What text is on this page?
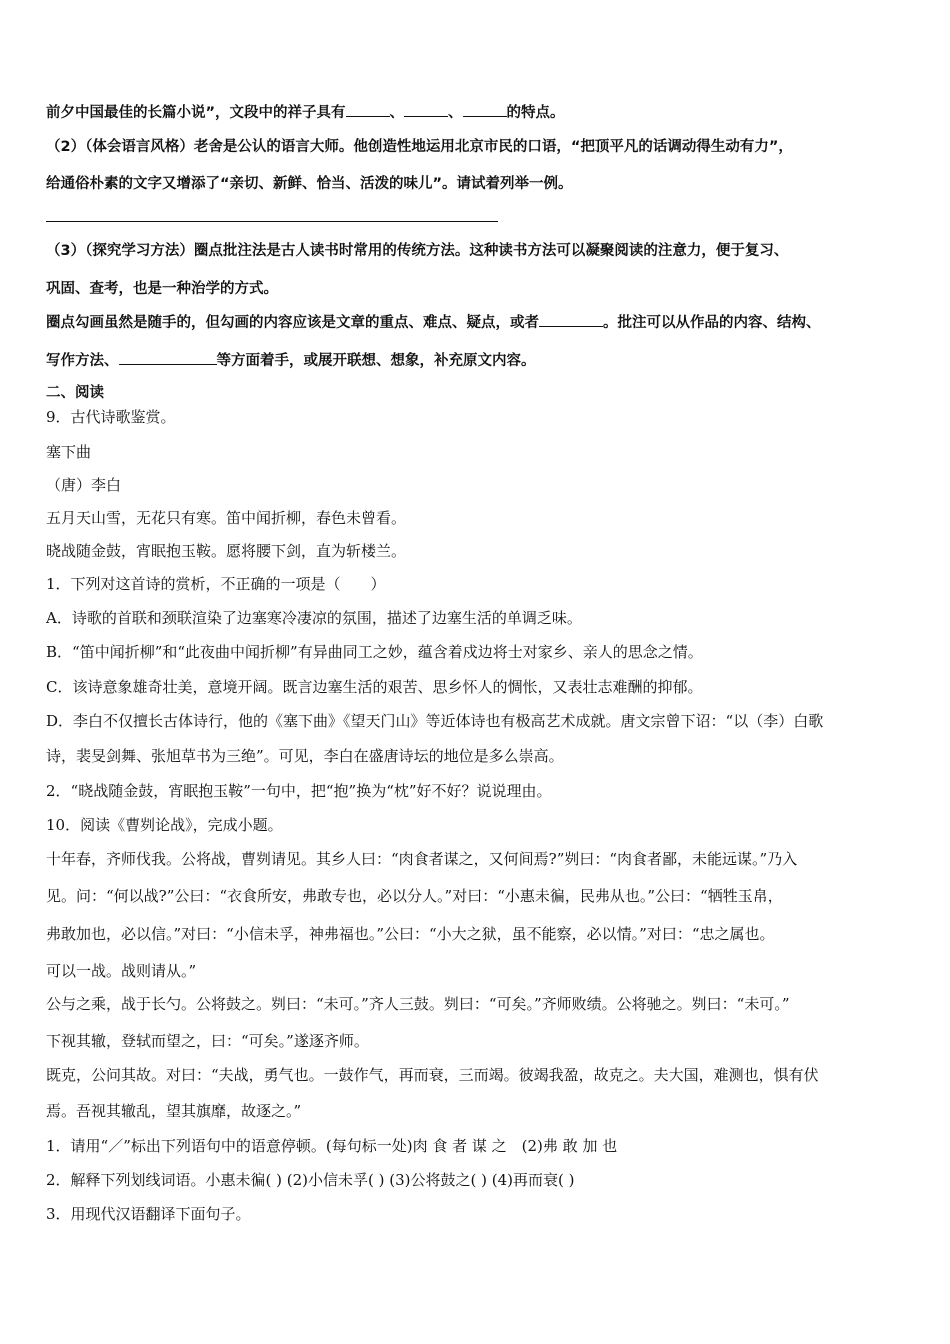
前夕中国最佳的长篇小说”，文段中的祥子具有	、	、	的特点。
（2）（体会语言风格）老舍是公认的语言大师。他创造性地运用北京市民的口语，“把顶平凡的话调动得生动有力”，
给通俗朴素的文字又增添了“亲切、新鲜、恰当、活泼的味儿”。请试着列举一例。
（3）（探究学习方法）圈点批注法是古人读书时常用的传统方法。这种读书方法可以凝聚阅读的注意力，便于复习、
巩固、查考，也是一种治学的方式。
圈点勾画虽然是随手的，但勾画的内容应该是文章的重点、难点、疑点，或者	。批注可以从作品的内容、结构、
写作方法、	等方面着手，或展开联想、想象，补充原文内容。
二、阅读
9．古代诗歌鉴赏。
塞下曲
（唐）李白
五月天山雪，无花只有寒。笛中闻折柳，春色未曾看。
晓战随金鼓，宵眠抱玉鞍。愿将腰下剑，直为斩楼兰。
1．下列对这首诗的赏析，不正确的一项是（　　）
A．诗歌的首联和颈联渲染了边塞寒冷凄凉的氛围，描述了边塞生活的单调乏味。
B．“笛中闻折柳”和“此夜曲中闻折柳”有异曲同工之妙，蕴含着戍边将士对家乡、亲人的思念之情。
C．该诗意象雄奇壮美，意境开阔。既言边塞生活的艰苦、思乡怀人的惆怅，又表壮志难酬的抑郁。
D．李白不仅擅长古体诗行，他的《塞下曲》《望天门山》等近体诗也有极高艺术成就。唐文宗曾下诏：“以（李）白歌
诗，裴旻剑舞、张旭草书为三绝”。可见，李白在盛唐诗坛的地位是多么崇高。
2．“晓战随金鼓，宵眠抱玉鞍”一句中，把“抱”换为“枕”好不好？说说理由。
10．阅读《曹刿论战》，完成小题。
十年春，齐师伐我。公将战，曹刿请见。其乡人曰：“肉食者谋之，又何间焉?”刿曰：“肉食者鄙，未能远谋。”乃入
见。问：“何以战?”公曰：“衣食所安，弗敢专也，必以分人。”对曰：“小惠未徧，民弗从也。”公曰：“牺牲玉帛，
弗敢加也，必以信。”对曰：“小信未孚，神弗福也。”公曰：“小大之狱，虽不能察，必以情。”对曰：“忠之属也。
可以一战。战则请从。”
公与之乘，战于长勺。公将鼓之。刿曰：“未可。”齐人三鼓。刿曰：“可矣。”齐师败绩。公将驰之。刿曰：“未可。”
下视其辙，登轼而望之，曰：“可矣。”遂逐齐师。
既克，公问其故。对曰：“夫战，勇气也。一鼓作气，再而衰，三而竭。彼竭我盈，故克之。夫大国，难测也，惧有伏
焉。吾视其辙乱，望其旗靡，故逐之。”
1．请用“／”标出下列语句中的语意停顿。(每句标一处)肉 食 者 谋 之　(2)弗 敢 加 也
2．解释下列划线词语。小惠未徧( ) (2)小信未孚( ) (3)公将鼓之( ) (4)再而衰( )
3．用现代汉语翻译下面句子。
